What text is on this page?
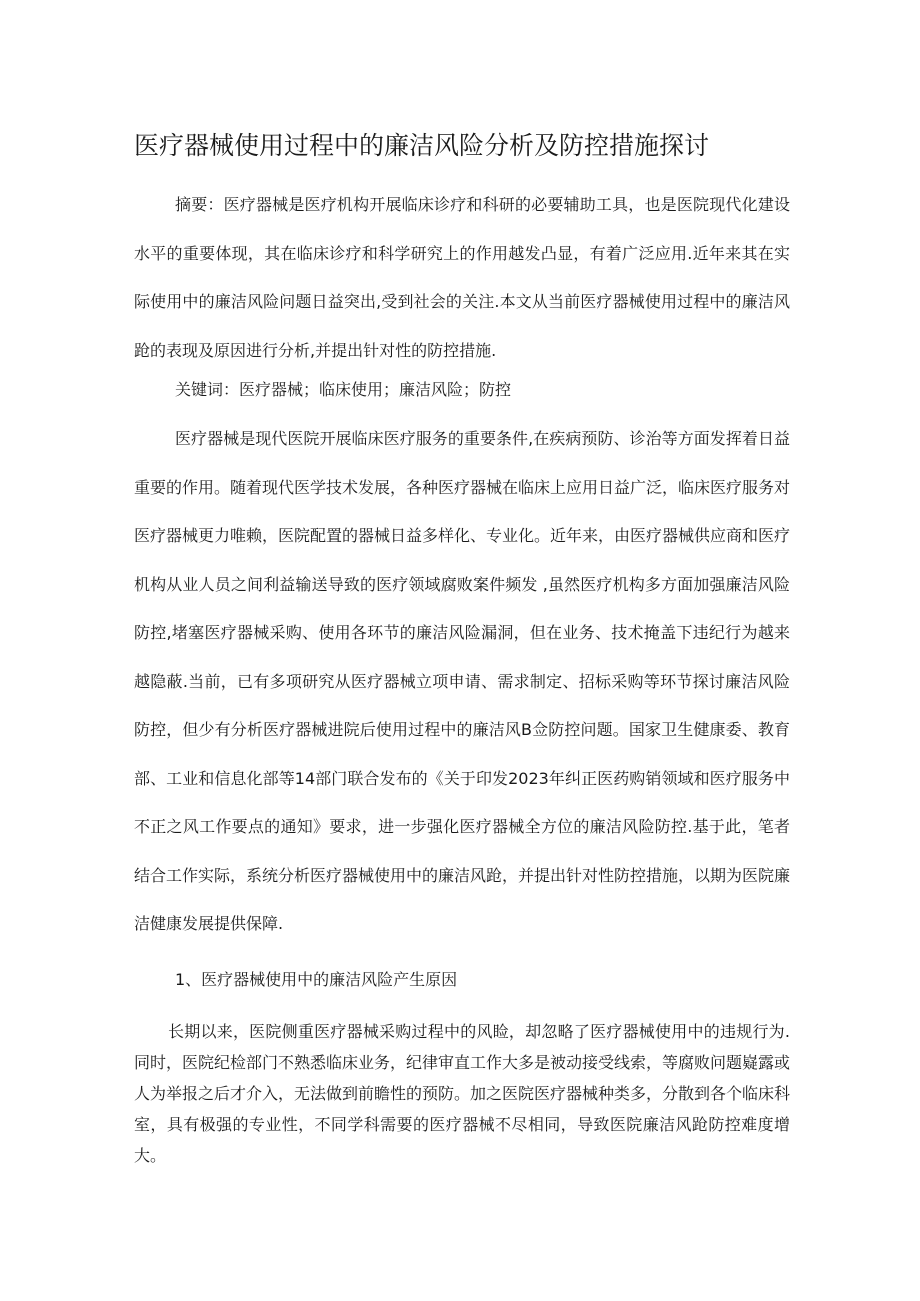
医疗器械使用过程中的廉洁风险分析及防控措施探讨

摘要：医疗器械是医疗机构开展临床诊疗和科研的必要辅助工具，也是医院现代化建设水平的重要体现，其在临床诊疗和科学研究上的作用越发凸显，有着广泛应用.近年来其在实际使用中的廉洁风险问题日益突出,受到社会的关注.本文从当前医疗器械使用过程中的廉洁风跄的表现及原因进行分析,并提出针对性的防控措施.

关键词：医疗器械；临床使用；廉洁风险；防控

医疗器械是现代医院开展临床医疗服务的重要条件,在疾病预防、诊治等方面发挥着日益重要的作用。随着现代医学技术发展，各种医疗器械在临床上应用日益广泛，临床医疗服务对医疗器械更力唯赖，医院配置的器械日益多样化、专业化。近年来，由医疗器械供应商和医疗机构从业人员之间利益输送导致的医疗领域腐败案件频发 ,虽然医疗机构多方面加强廉洁风险防控,堵塞医疗器械采购、使用各环节的廉洁风险漏洞，但在业务、技术掩盖下违纪行为越来越隐蔽.当前，已有多项研究从医疗器械立项申请、需求制定、招标采购等环节探讨廉洁风险防控，但少有分析医疗器械进院后使用过程中的廉洁风B佥防控问题。国家卫生健康委、教育部、工业和信息化部等14部门联合发布的《关于印发2023年纠正医药购销领域和医疗服务中不正之风工作要点的通知》要求，进一步强化医疗器械全方位的廉洁风险防控.基于此，笔者结合工作实际，系统分析医疗器械使用中的廉洁风跄，并提出针对性防控措施，以期为医院廉洁健康发展提供保障.

1、医疗器械使用中的廉洁风险产生原因

长期以来，医院侧重医疗器械采购过程中的风睑，却忽略了医疗器械使用中的违规行为.同时，医院纪检部门不熟悉临床业务，纪律审直工作大多是被动接受线索，等腐败问题嶷露或人为举报之后才介入，无法做到前瞻性的预防。加之医院医疗器械种类多，分散到各个临床科室，具有极强的专业性，不同学科需要的医疗器械不尽相同，导致医院廉洁风跄防控难度增大。
